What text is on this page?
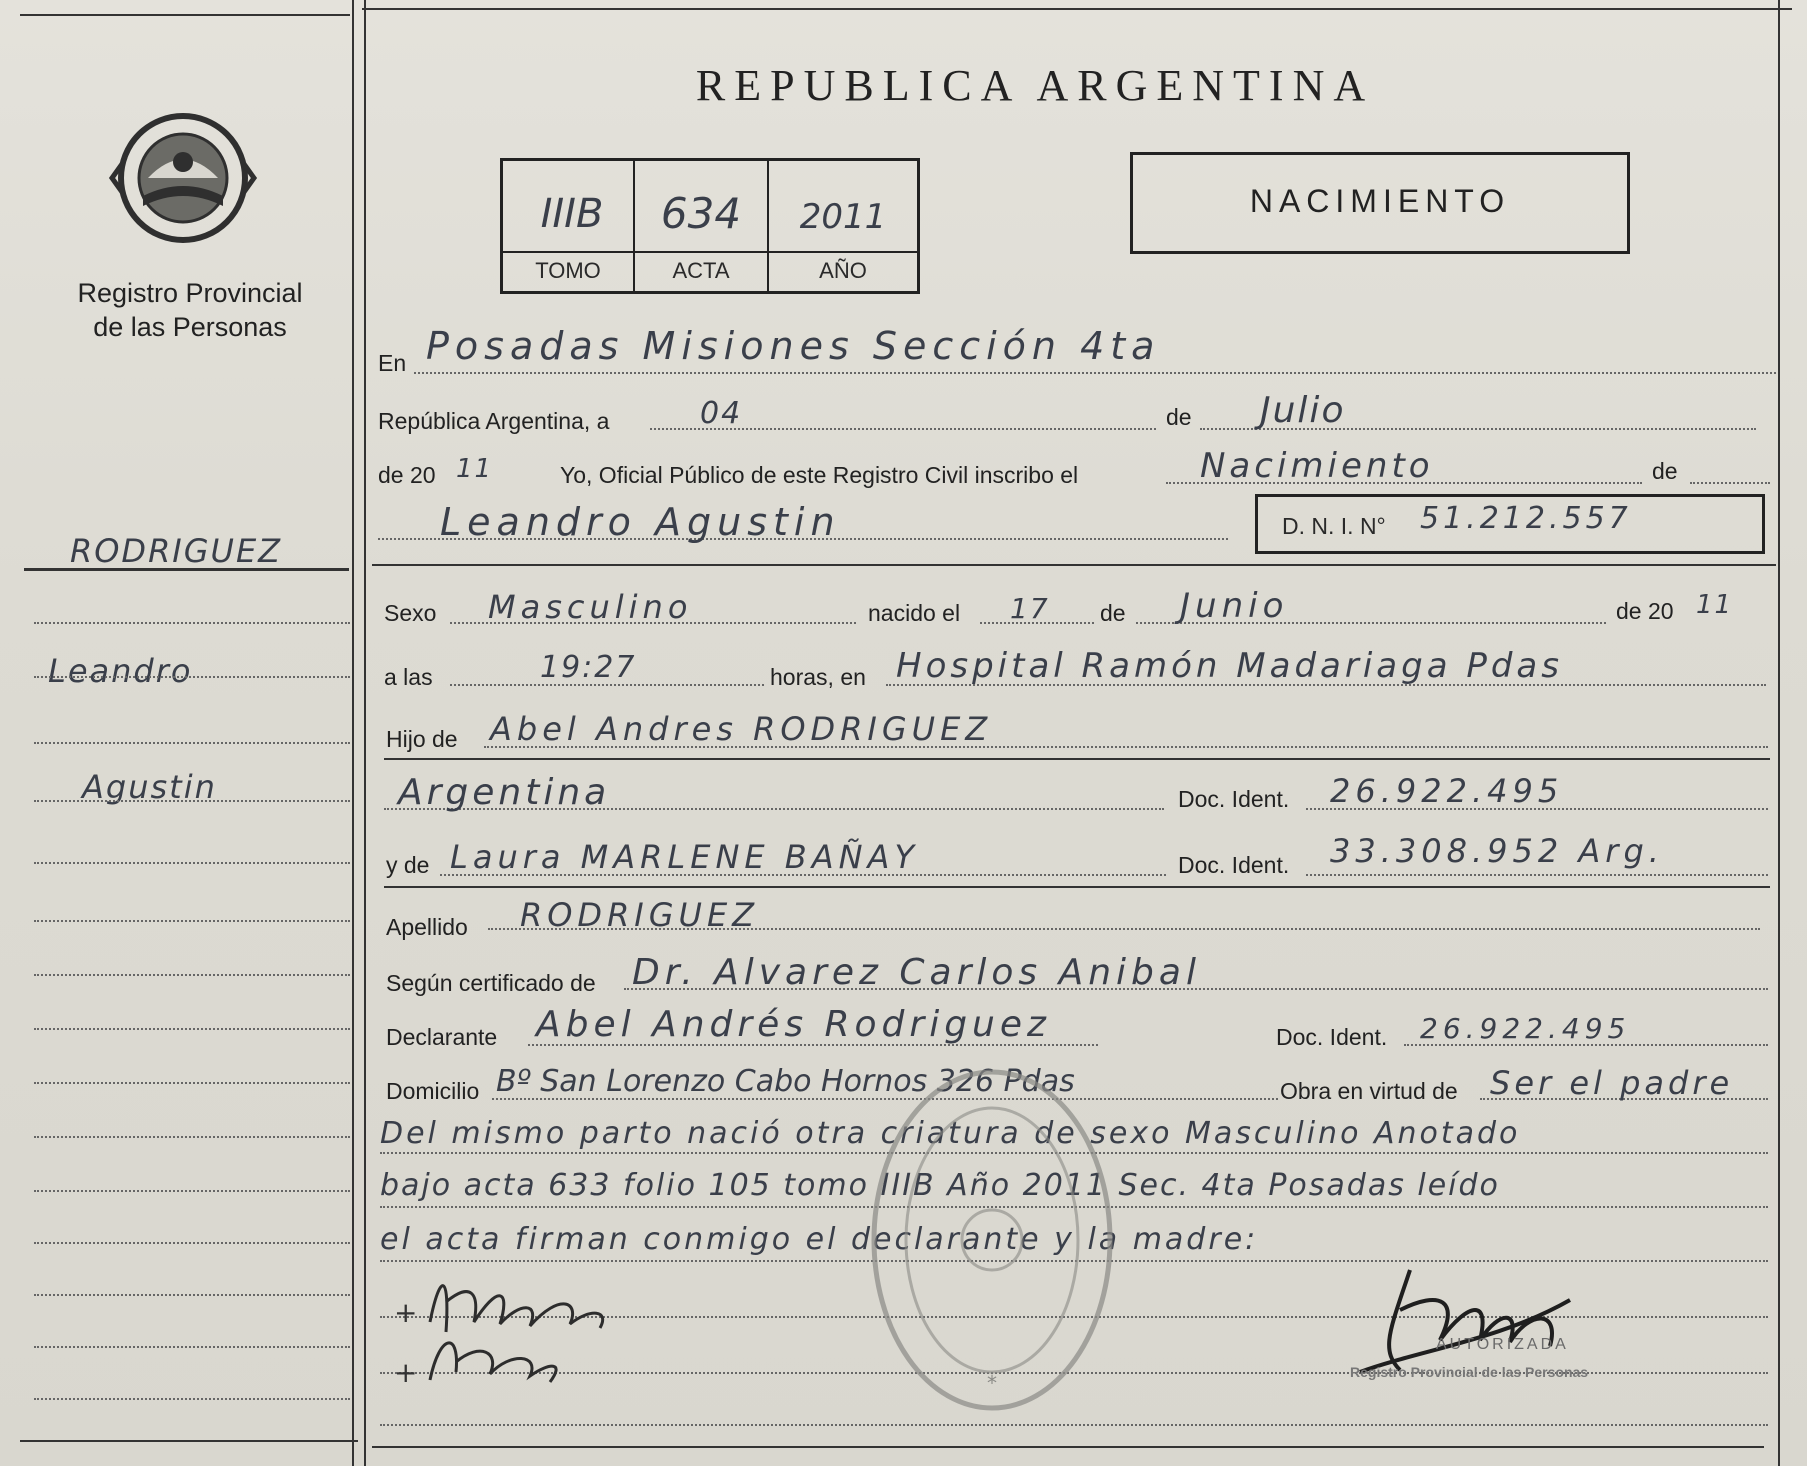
Registro Provincial
de las Personas
RODRIGUEZ
Leandro
Agustin
REPUBLICA ARGENTINA
IIIB	634	2011
TOMO	ACTA	AÑO
NACIMIENTO
En Posadas Misiones Sección 4ta
República Argentina, a	04	de Julio
de 20 11	Yo, Oficial Público de este Registro Civil inscribo el	Nacimiento	de
Leandro Agustin	D. N. I. N° 51.212.557
Sexo Masculino	nacido el 17 de Junio	de 20 11
a las	19:27	horas, en Hospital Ramón Madariaga Pdas
Hijo de Abel Andres RODRIGUEZ
Argentina	Doc. Ident. 26.922.495
y de Laura MARLENE BAÑAY	Doc. Ident. 33.308.952 Arg.
Apellido RODRIGUEZ
Según certificado de Dr. Alvarez Carlos Anibal
Declarante Abel Andrés Rodriguez	Doc. Ident. 26.922.495
Domicilio Bº San Lorenzo Cabo Hornos 326 Pdas	Obra en virtud de Ser el padre
Del mismo parto nació otra criatura de sexo Masculino Anotado
bajo acta 633 folio 105 tomo IIIB Año 2011 Sec. 4ta Posadas leído
el acta firman conmigo el declarante y la madre:
+
+
AUTORIZADA
Registro Provincial de las Personas
*
